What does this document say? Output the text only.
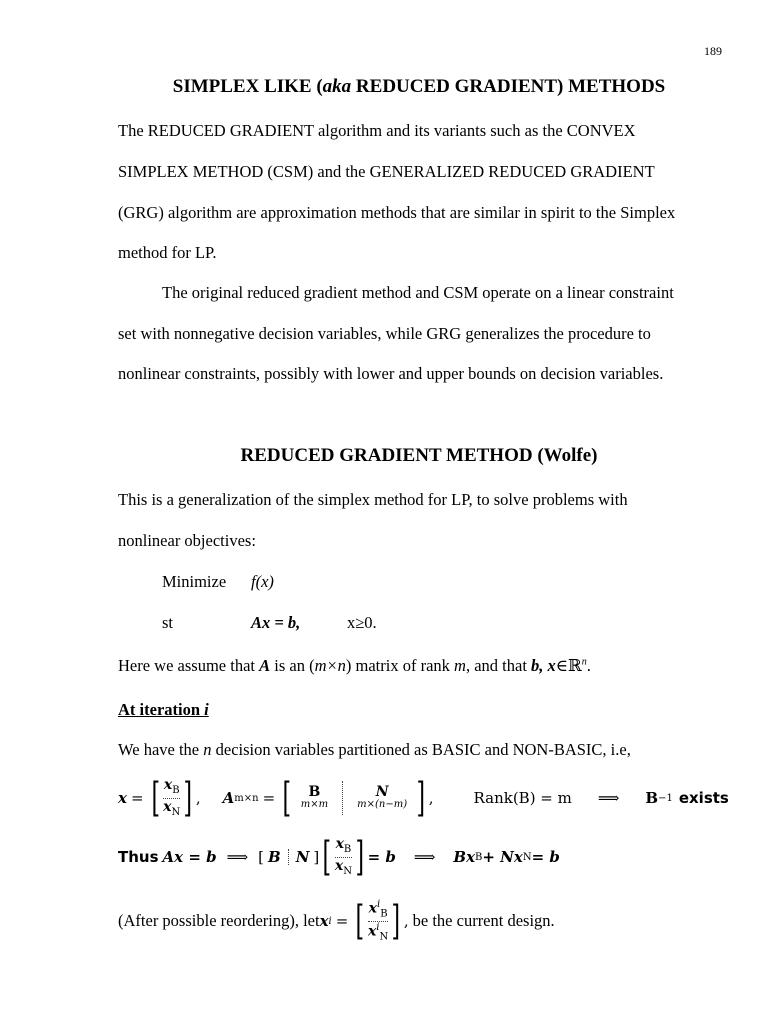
189
SIMPLEX LIKE (aka REDUCED GRADIENT) METHODS
The REDUCED GRADIENT algorithm and its variants such as the CONVEX
SIMPLEX METHOD (CSM) and the GENERALIZED REDUCED GRADIENT
(GRG) algorithm are approximation methods that are similar in spirit to the Simplex
method for LP.
The original reduced gradient method and CSM operate on a linear constraint
set with nonnegative decision variables, while GRG generalizes the procedure to
nonlinear constraints, possibly with lower and upper bounds on decision variables.
REDUCED GRADIENT METHOD (Wolfe)
This is a generalization of the simplex method for LP, to solve problems with
nonlinear objectives:
Minimize f(x)
st	Ax = b,	x≥0.
Here we assume that A is an (m×n) matrix of rank m, and that b, x∈ℝ$^n$.
At iteration i
We have the n decision variables partitioned as BASIC and NON-BASIC, i.e,
x = [ $x_B$
$x_N$ ] , A m×n = [ B
m×m
N
m×(n−m) ] ,	Rank(B) = m ⟹ B −1 exists
Thus Ax = b ⟹ [ B N ] [ $x_B$
$x_N$ ] = b ⟹ Bx B + Nx N = b
(After possible reordering), let x i = [ $x^i_B$
$x^i_N$ ] , be the current design.
